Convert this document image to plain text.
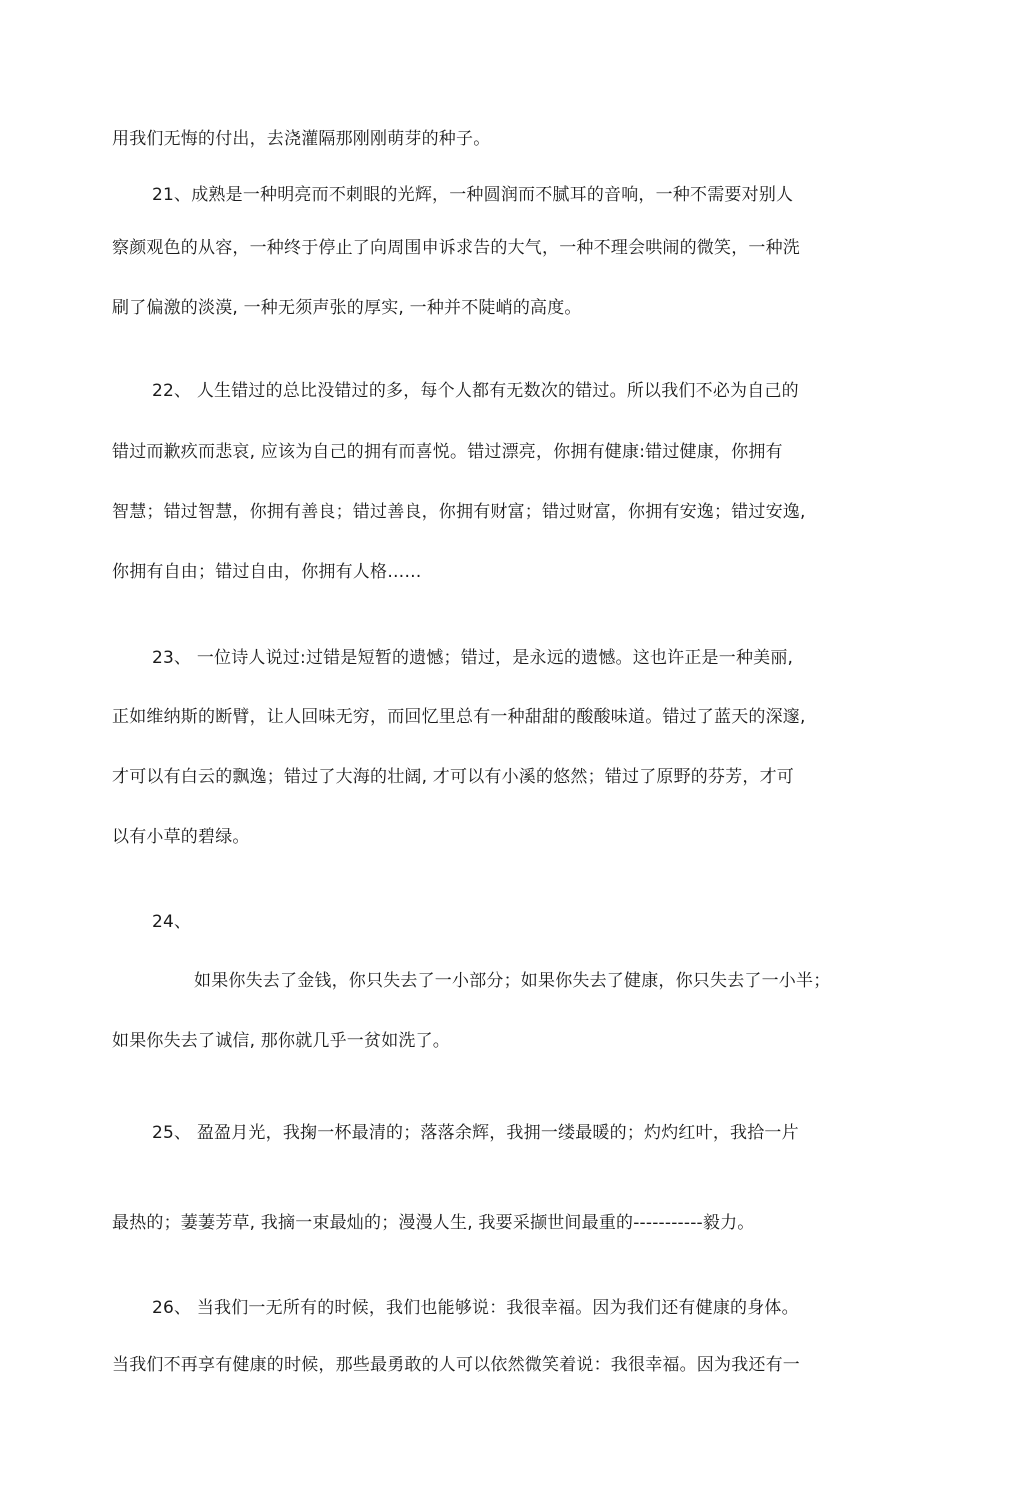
用我们无悔的付出，去浇灌隔那刚刚萌芽的种子。
21、成熟是一种明亮而不刺眼的光辉，一种圆润而不腻耳的音响，一种不需要对别人
察颜观色的从容，一种终于停止了向周围申诉求告的大气，一种不理会哄闹的微笑，一种洗
刷了偏激的淡漠, 一种无须声张的厚实, 一种并不陡峭的高度。
22、 人生错过的总比没错过的多，每个人都有无数次的错过。所以我们不必为自己的
错过而歉疚而悲哀, 应该为自己的拥有而喜悦。错过漂亮，你拥有健康:错过健康，你拥有
智慧；错过智慧，你拥有善良；错过善良，你拥有财富；错过财富，你拥有安逸；错过安逸,
你拥有自由；错过自由，你拥有人格……
23、 一位诗人说过:过错是短暂的遗憾；错过，是永远的遗憾。这也许正是一种美丽,
正如维纳斯的断臂，让人回味无穷，而回忆里总有一种甜甜的酸酸味道。错过了蓝天的深邃,
才可以有白云的飘逸；错过了大海的壮阔, 才可以有小溪的悠然；错过了原野的芬芳，才可
以有小草的碧绿。
24、
如果你失去了金钱，你只失去了一小部分；如果你失去了健康，你只失去了一小半；
如果你失去了诚信, 那你就几乎一贫如洗了。
25、 盈盈月光，我掬一杯最清的；落落余辉，我拥一缕最暖的；灼灼红叶，我拾一片
最热的；萋萋芳草, 我摘一束最灿的；漫漫人生, 我要采撷世间最重的-----------毅力。
26、 当我们一无所有的时候，我们也能够说：我很幸福。因为我们还有健康的身体。
当我们不再享有健康的时候，那些最勇敢的人可以依然微笑着说：我很幸福。因为我还有一
